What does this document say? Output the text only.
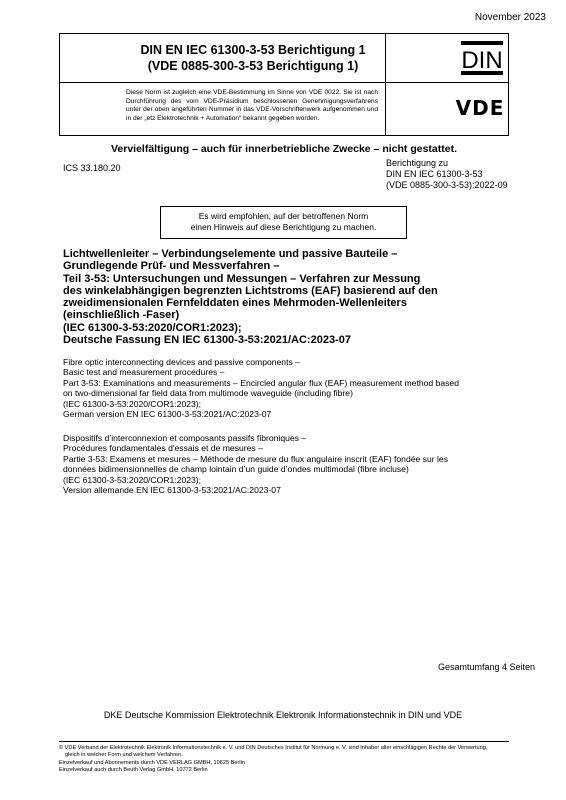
November 2023
DIN EN IEC 61300-3-53 Berichtigung 1
(VDE 0885-300-3-53 Berichtigung 1)
Diese Norm ist zugleich eine VDE-Bestimmung im Sinne von VDE 0022. Sie ist nach Durchführung des vom VDE-Präsidium beschlossenen Genehmigungsverfahrens unter der oben angeführten Nummer in das VDE-Vorschriftenwerk aufgenommen und in der „etz Elektrotechnik + Automation“ bekannt gegeben worden.
DIN
VDE
Vervielfältigung – auch für innerbetriebliche Zwecke – nicht gestattet.
ICS 33.180.20	Berichtigung zu
DIN EN IEC 61300-3-53
(VDE 0885-300-3-53):2022-09
Es wird empfohlen, auf der betroffenen Norm
einen Hinweis auf diese Berichtigung zu machen.
Lichtwellenleiter – Verbindungselemente und passive Bauteile –
Grundlegende Prüf- und Messverfahren –
Teil 3-53: Untersuchungen und Messungen – Verfahren zur Messung
des winkelabhängigen begrenzten Lichtstroms (EAF) basierend auf den
zweidimensionalen Fernfelddaten eines Mehrmoden-Wellenleiters
(einschließlich -Faser)
(IEC 61300-3-53:2020/COR1:2023);
Deutsche Fassung EN IEC 61300-3-53:2021/AC:2023-07
Fibre optic interconnecting devices and passive components –
Basic test and measurement procedures –
Part 3-53: Examinations and measurements – Encircled angular flux (EAF) measurement method based
on two-dimensional far field data from multimode waveguide (including fibre)
(IEC 61300-3-53:2020/COR1:2023);
German version EN IEC 61300-3-53:2021/AC:2023-07
Dispositifs d’interconnexion et composants passifs fibroniques –
Procédures fondamentales d'essais et de mesures –
Partie 3-53: Examens et mesures – Méthode de mesure du flux angulaire inscrit (EAF) fondée sur les
données bidimensionnelles de champ lointain d’un guide d’ondes multimodal (fibre incluse)
(IEC 61300-3-53:2020/COR1:2023);
Version allemande EN IEC 61300-3-53:2021/AC:2023-07
Gesamtumfang 4 Seiten
DKE Deutsche Kommission Elektrotechnik Elektronik Informationstechnik in DIN und VDE
© VDE Verband der Elektrotechnik Elektronik Informationstechnik e. V. und DIN Deutsches Institut für Normung e. V. sind Inhaber aller einschlägigen Rechte der Verwertung,
gleich in welcher Form und welchem Verfahren.
Einzelverkauf und Abonnements durch VDE VERLAG GMBH, 10625 Berlin
Einzelverkauf auch durch Beuth Verlag GmbH, 10772 Berlin
